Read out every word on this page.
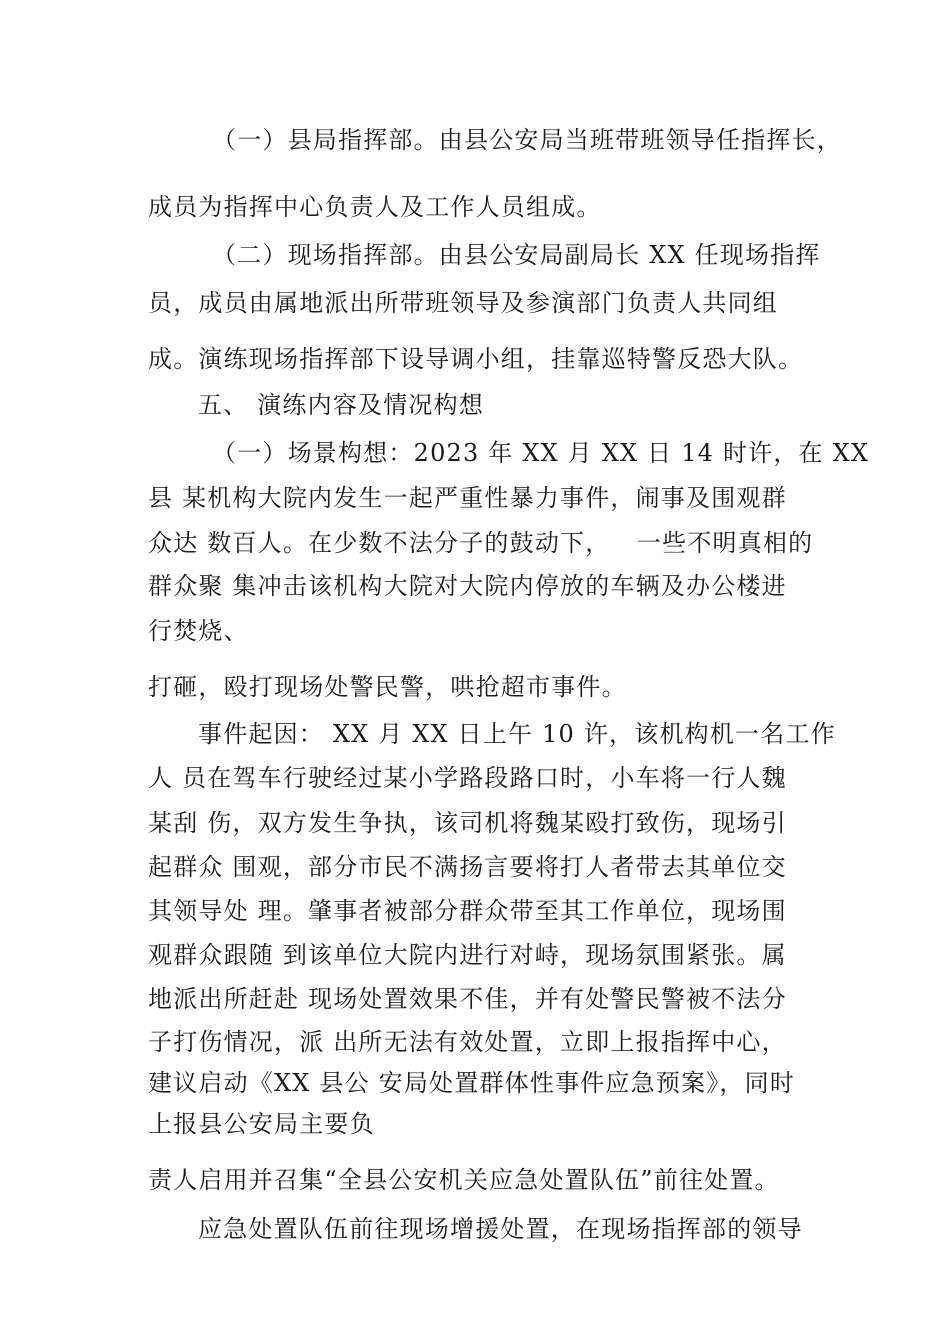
（一）县局指挥部。由县公安局当班带班领导任指挥长，
成员为指挥中心负责人及工作人员组成。
（二）现场指挥部。由县公安局副局长 XX 任现场指挥
员，成员由属地派出所带班领导及参演部门负责人共同组
成。演练现场指挥部下设导调小组，挂靠巡特警反恐大队。
五、 演练内容及情况构想
（一）场景构想：2023 年 XX 月 XX 日 14 时许，在 XX
县 某机构大院内发生一起严重性暴力事件，闹事及围观群
众达 数百人。在少数不法分子的鼓动下，   一些不明真相的
群众聚 集冲击该机构大院对大院内停放的车辆及办公楼进
行焚烧、
打砸，殴打现场处警民警，哄抢超市事件。
事件起因： XX 月 XX 日上午 10 许，该机构机一名工作
人 员在驾车行驶经过某小学路段路口时，小车将一行人魏
某刮 伤，双方发生争执，该司机将魏某殴打致伤，现场引
起群众 围观，部分市民不满扬言要将打人者带去其单位交
其领导处 理。肇事者被部分群众带至其工作单位，现场围
观群众跟随 到该单位大院内进行对峙，现场氛围紧张。属
地派出所赶赴 现场处置效果不佳，并有处警民警被不法分
子打伤情况，派 出所无法有效处置，立即上报指挥中心，
建议启动《XX 县公 安局处置群体性事件应急预案》，同时
上报县公安局主要负
责人启用并召集“全县公安机关应急处置队伍”前往处置。
应急处置队伍前往现场增援处置，在现场指挥部的领导
